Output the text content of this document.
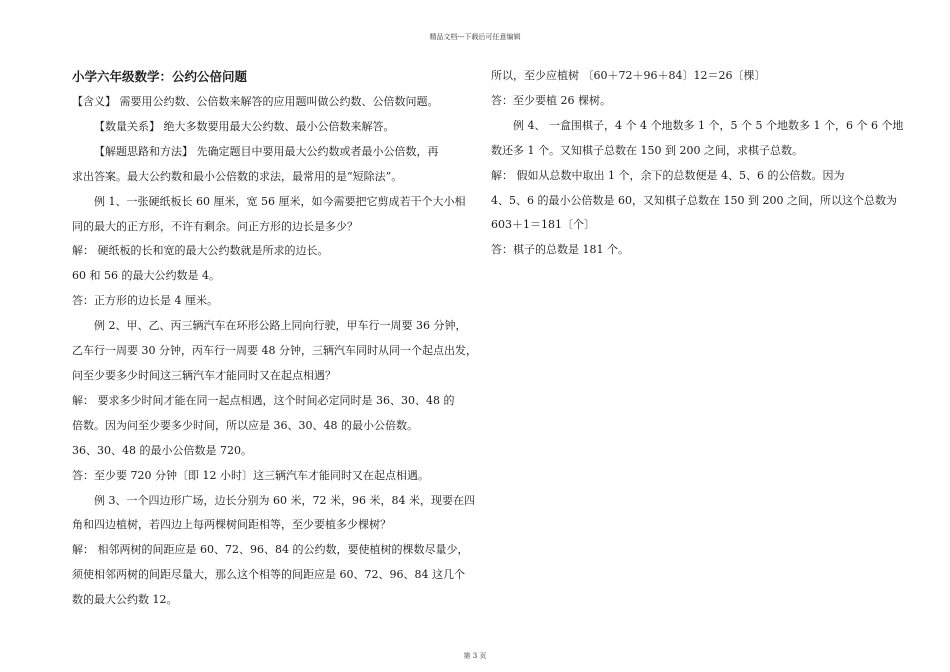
精品文档---下载后可任意编辑
小学六年级数学：公约公倍问题

【含义】 需要用公约数、公倍数来解答的应用题叫做公约数、公倍数问题。

【数量关系】 绝大多数要用最大公约数、最小公倍数来解答。

【解题思路和方法】 先确定题目中要用最大公约数或者最小公倍数，再

求出答案。最大公约数和最小公倍数的求法，最常用的是“短除法”。

例 1、一张硬纸板长 60 厘米，宽 56 厘米，如今需要把它剪成若干个大小相

同的最大的正方形，不许有剩余。问正方形的边长是多少？

解： 硬纸板的长和宽的最大公约数就是所求的边长。

60 和 56 的最大公约数是 4。

答：正方形的边长是 4 厘米。

例 2、甲、乙、丙三辆汽车在环形公路上同向行驶，甲车行一周要 36 分钟，

乙车行一周要 30 分钟，丙车行一周要 48 分钟，三辆汽车同时从同一个起点出发，

问至少要多少时间这三辆汽车才能同时又在起点相遇？

解： 要求多少时间才能在同一起点相遇，这个时间必定同时是 36、30、48 的

倍数。因为问至少要多少时间，所以应是 36、30、48 的最小公倍数。

36、30、48 的最小公倍数是 720。

答：至少要 720 分钟〔即 12 小时〕这三辆汽车才能同时又在起点相遇。

例 3、一个四边形广场，边长分别为 60 米，72 米，96 米，84 米，现要在四

角和四边植树，若四边上每两棵树间距相等，至少要植多少棵树？

解： 相邻两树的间距应是 60、72、96、84 的公约数，要使植树的棵数尽量少，

须使相邻两树的间距尽量大，那么这个相等的间距应是 60、72、96、84 这几个

数的最大公约数 12。

所以，至少应植树 〔60＋72＋96＋84〕12＝26〔棵〕

答：至少要植 26 棵树。

例 4、 一盒围棋子，4 个 4 个地数多 1 个，5 个 5 个地数多 1 个，6 个 6 个地

数还多 1 个。又知棋子总数在 150 到 200 之间，求棋子总数。

解： 假如从总数中取出 1 个，余下的总数便是 4、5、6 的公倍数。因为

4、5、6 的最小公倍数是 60，又知棋子总数在 150 到 200 之间，所以这个总数为

603＋1＝181〔个〕

答：棋子的总数是 181 个。

第 3 页
